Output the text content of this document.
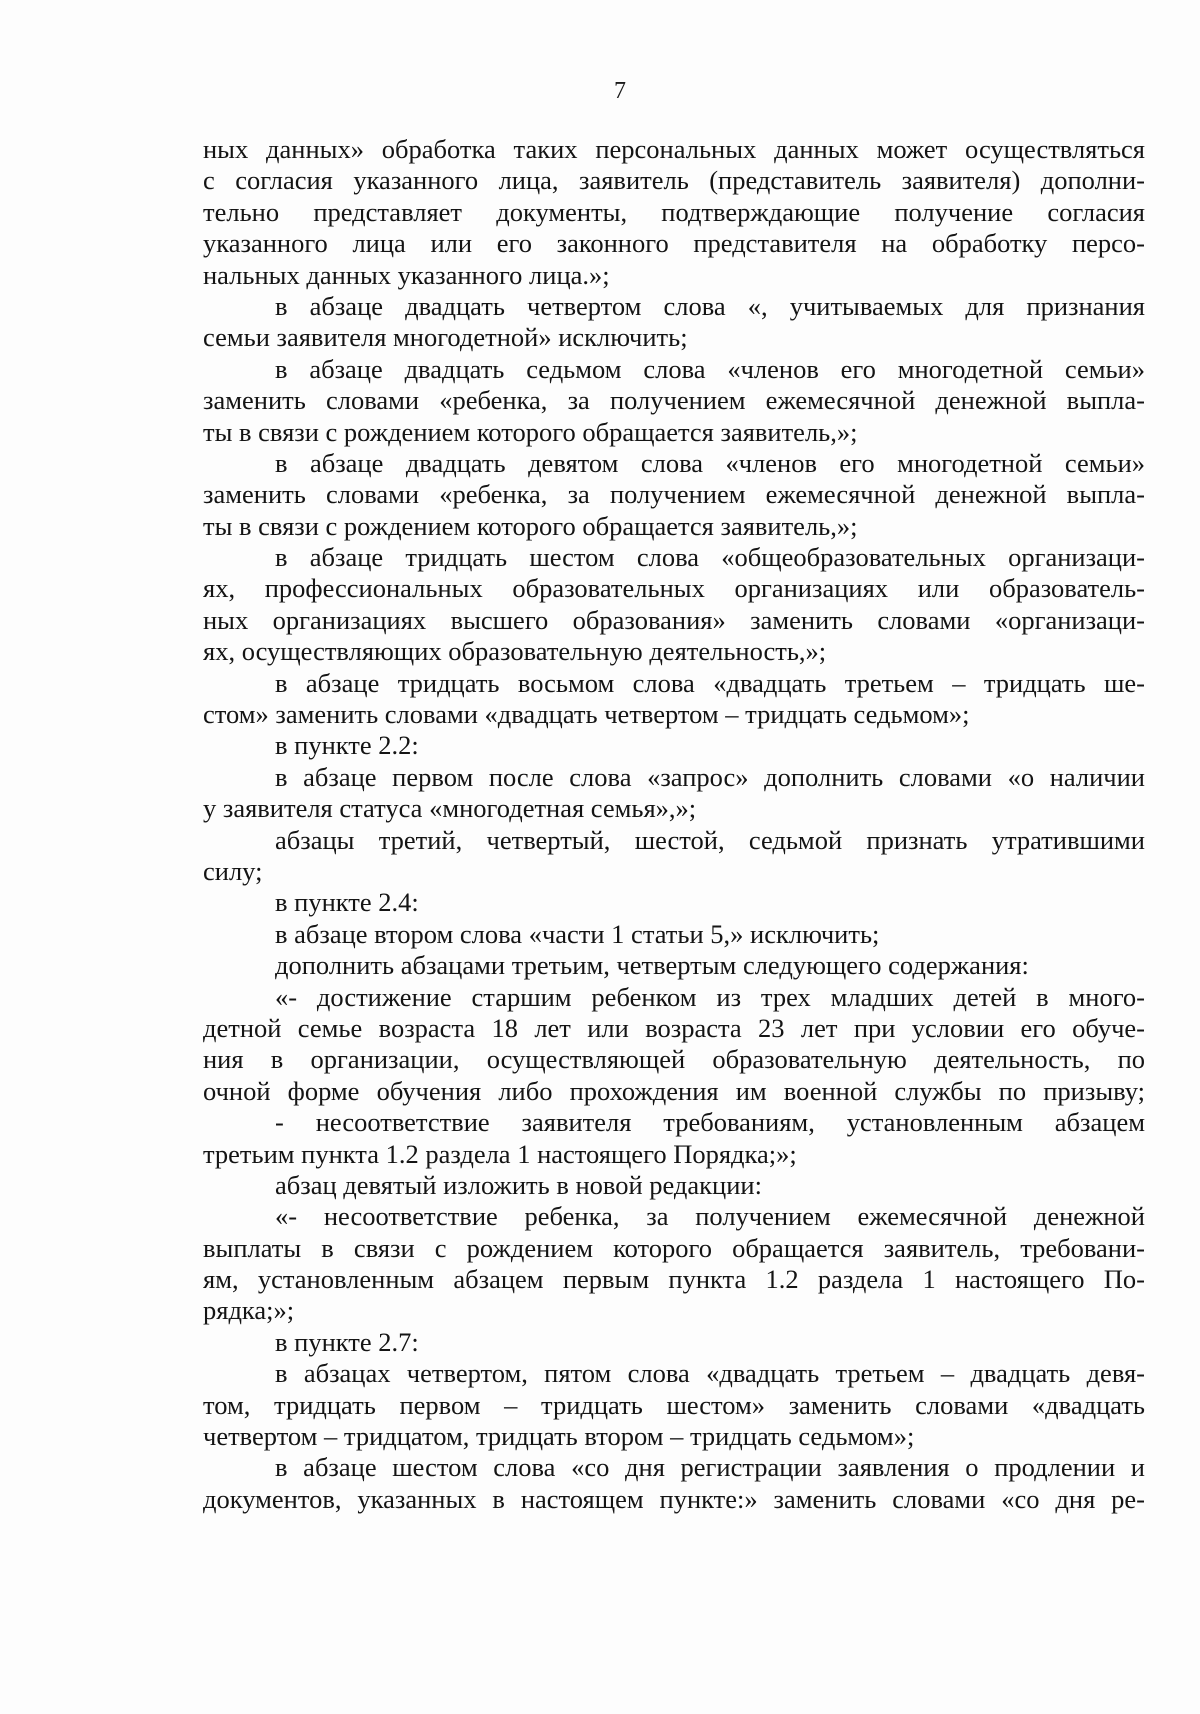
7
ных данных» обработка таких персональных данных может осуществляться
с согласия указанного лица, заявитель (представитель заявителя) дополни-
тельно представляет документы, подтверждающие получение согласия
указанного лица или его законного представителя на обработку персо-
нальных данных указанного лица.»;
в абзаце двадцать четвертом слова «, учитываемых для признания
семьи заявителя многодетной» исключить;
в абзаце двадцать седьмом слова «членов его многодетной семьи»
заменить словами «ребенка, за получением ежемесячной денежной выпла-
ты в связи с рождением которого обращается заявитель,»;
в абзаце двадцать девятом слова «членов его многодетной семьи»
заменить словами «ребенка, за получением ежемесячной денежной выпла-
ты в связи с рождением которого обращается заявитель,»;
в абзаце тридцать шестом слова «общеобразовательных организаци-
ях, профессиональных образовательных организациях или образователь-
ных организациях высшего образования» заменить словами «организаци-
ях, осуществляющих образовательную деятельность,»;
в абзаце тридцать восьмом слова «двадцать третьем – тридцать ше-
стом» заменить словами «двадцать четвертом – тридцать седьмом»;
в пункте 2.2:
в абзаце первом после слова «запрос» дополнить словами «о наличии
у заявителя статуса «многодетная семья»,»;
абзацы третий, четвертый, шестой, седьмой признать утратившими
силу;
в пункте 2.4:
в абзаце втором слова «части 1 статьи 5,» исключить;
дополнить абзацами третьим, четвертым следующего содержания:
«- достижение старшим ребенком из трех младших детей в много-
детной семье возраста 18 лет или возраста 23 лет при условии его обуче-
ния в организации, осуществляющей образовательную деятельность, по
очной форме обучения либо прохождения им военной службы по призыву;
- несоответствие заявителя требованиям, установленным абзацем
третьим пункта 1.2 раздела 1 настоящего Порядка;»;
абзац девятый изложить в новой редакции:
«- несоответствие ребенка, за получением ежемесячной денежной
выплаты в связи с рождением которого обращается заявитель, требовани-
ям, установленным абзацем первым пункта 1.2 раздела 1 настоящего По-
рядка;»;
в пункте 2.7:
в абзацах четвертом, пятом слова «двадцать третьем – двадцать девя-
том, тридцать первом – тридцать шестом» заменить словами «двадцать
четвертом – тридцатом, тридцать втором – тридцать седьмом»;
в абзаце шестом слова «со дня регистрации заявления о продлении и
документов, указанных в настоящем пункте:» заменить словами «со дня ре-
